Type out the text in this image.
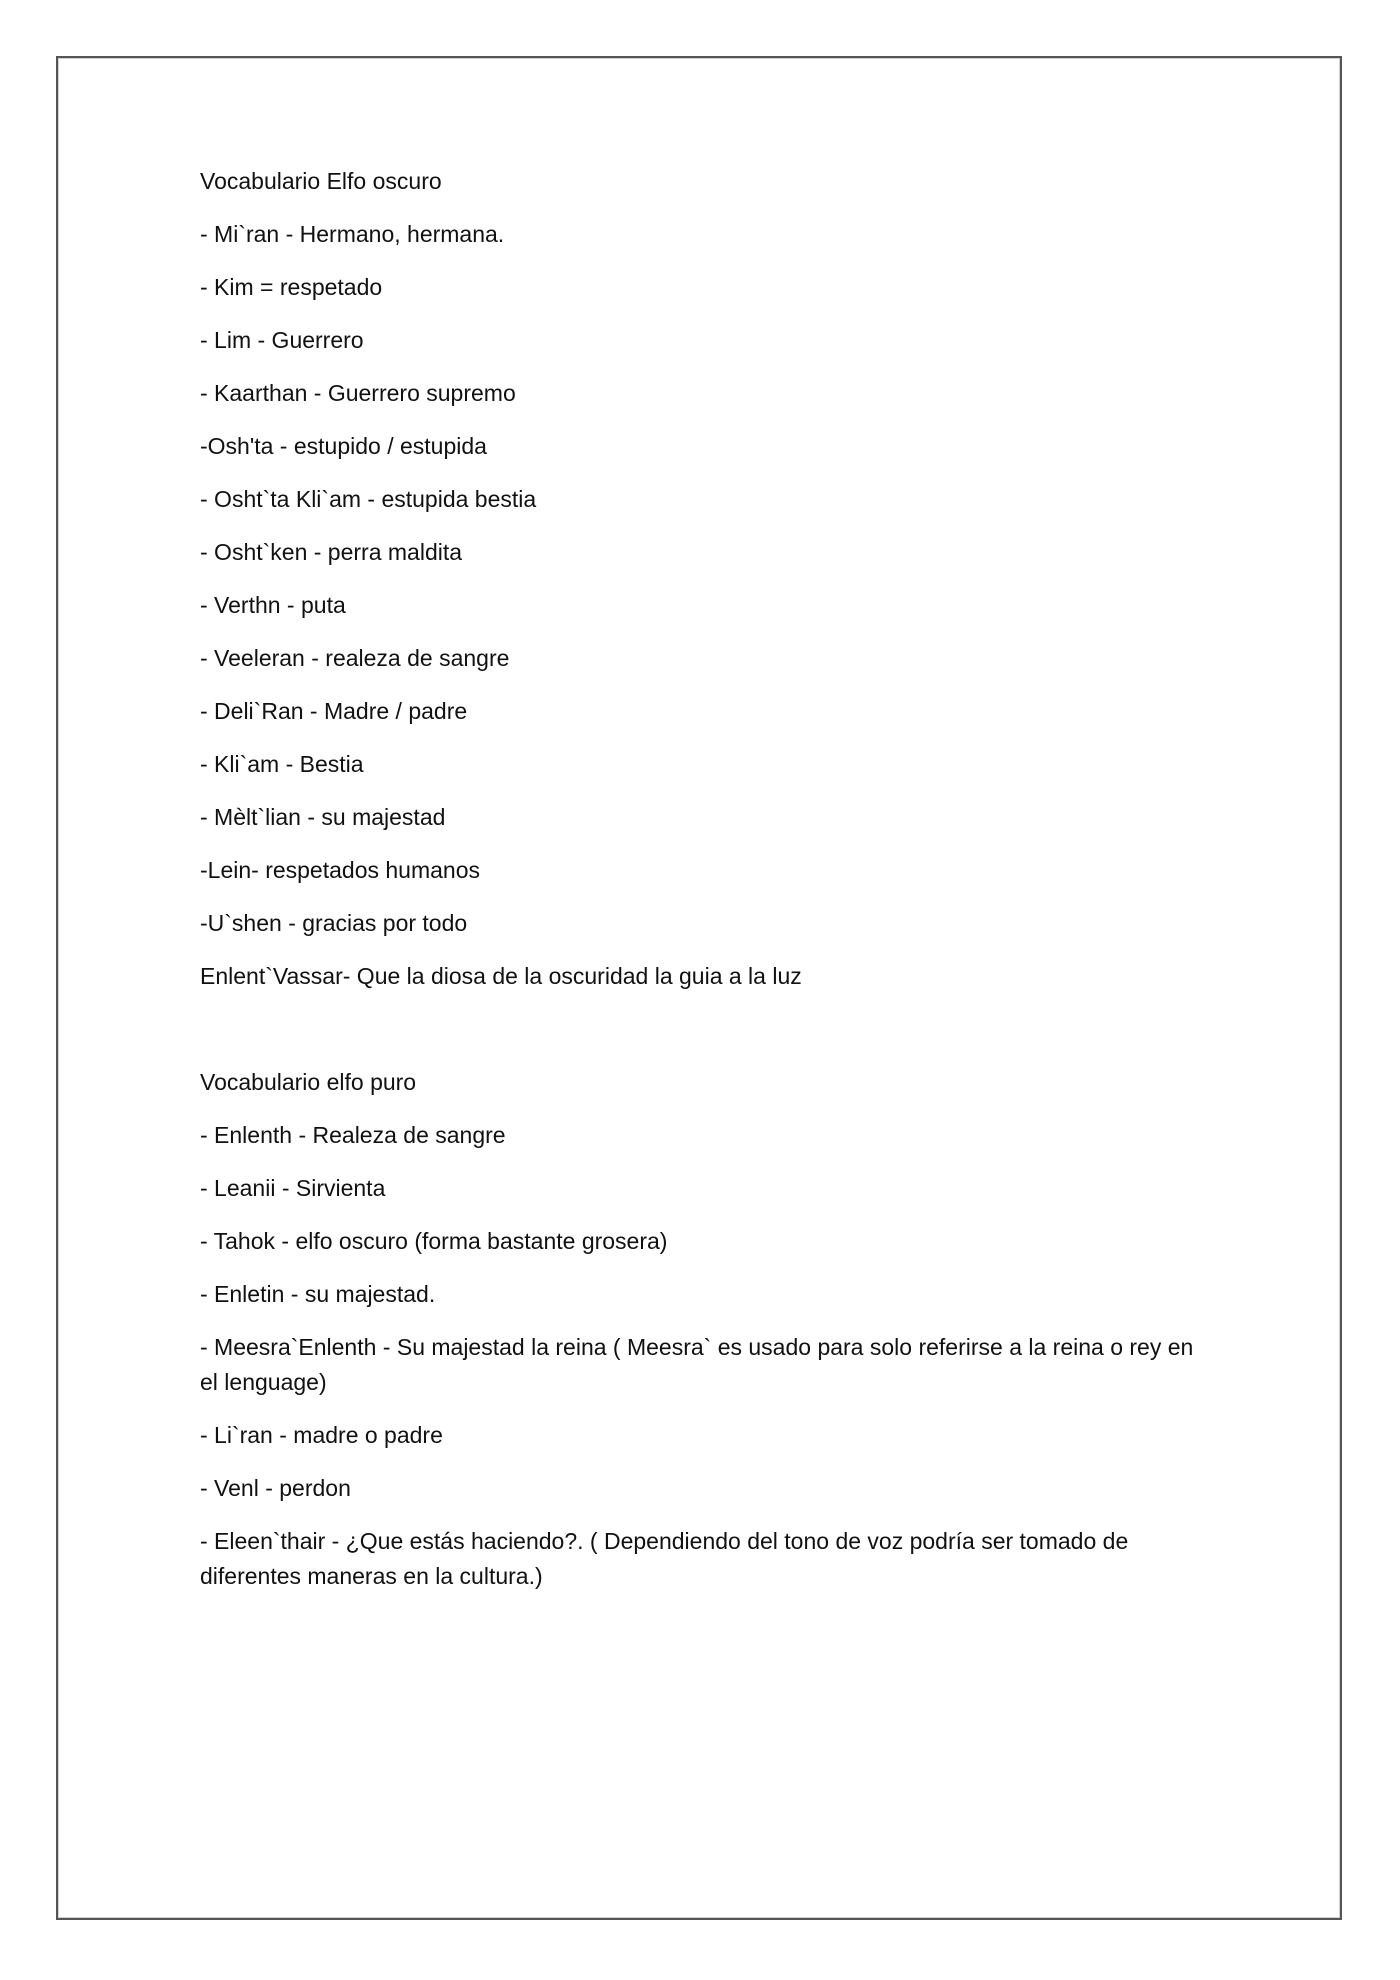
Vocabulario Elfo oscuro
- Mi`ran - Hermano, hermana.
- Kim = respetado
- Lim - Guerrero
- Kaarthan - Guerrero supremo
-Osh'ta - estupido / estupida
- Osht`ta Kli`am - estupida bestia
- Osht`ken - perra maldita
- Verthn - puta
- Veeleran - realeza de sangre
- Deli`Ran - Madre / padre
- Kli`am - Bestia
- Mèlt`lian - su majestad
-Lein- respetados humanos
-U`shen - gracias por todo
Enlent`Vassar- Que la diosa de la oscuridad la guia a la luz
Vocabulario elfo puro
- Enlenth - Realeza de sangre
- Leanii - Sirvienta
- Tahok - elfo oscuro (forma bastante grosera)
- Enletin - su majestad.
- Meesra`Enlenth - Su majestad la reina ( Meesra` es usado para solo referirse a la reina o rey en el lenguage)
- Li`ran - madre o padre
- Venl - perdon
- Eleen`thair - ¿Que estás haciendo?. ( Dependiendo del tono de voz podría ser tomado de diferentes maneras en la cultura.)
